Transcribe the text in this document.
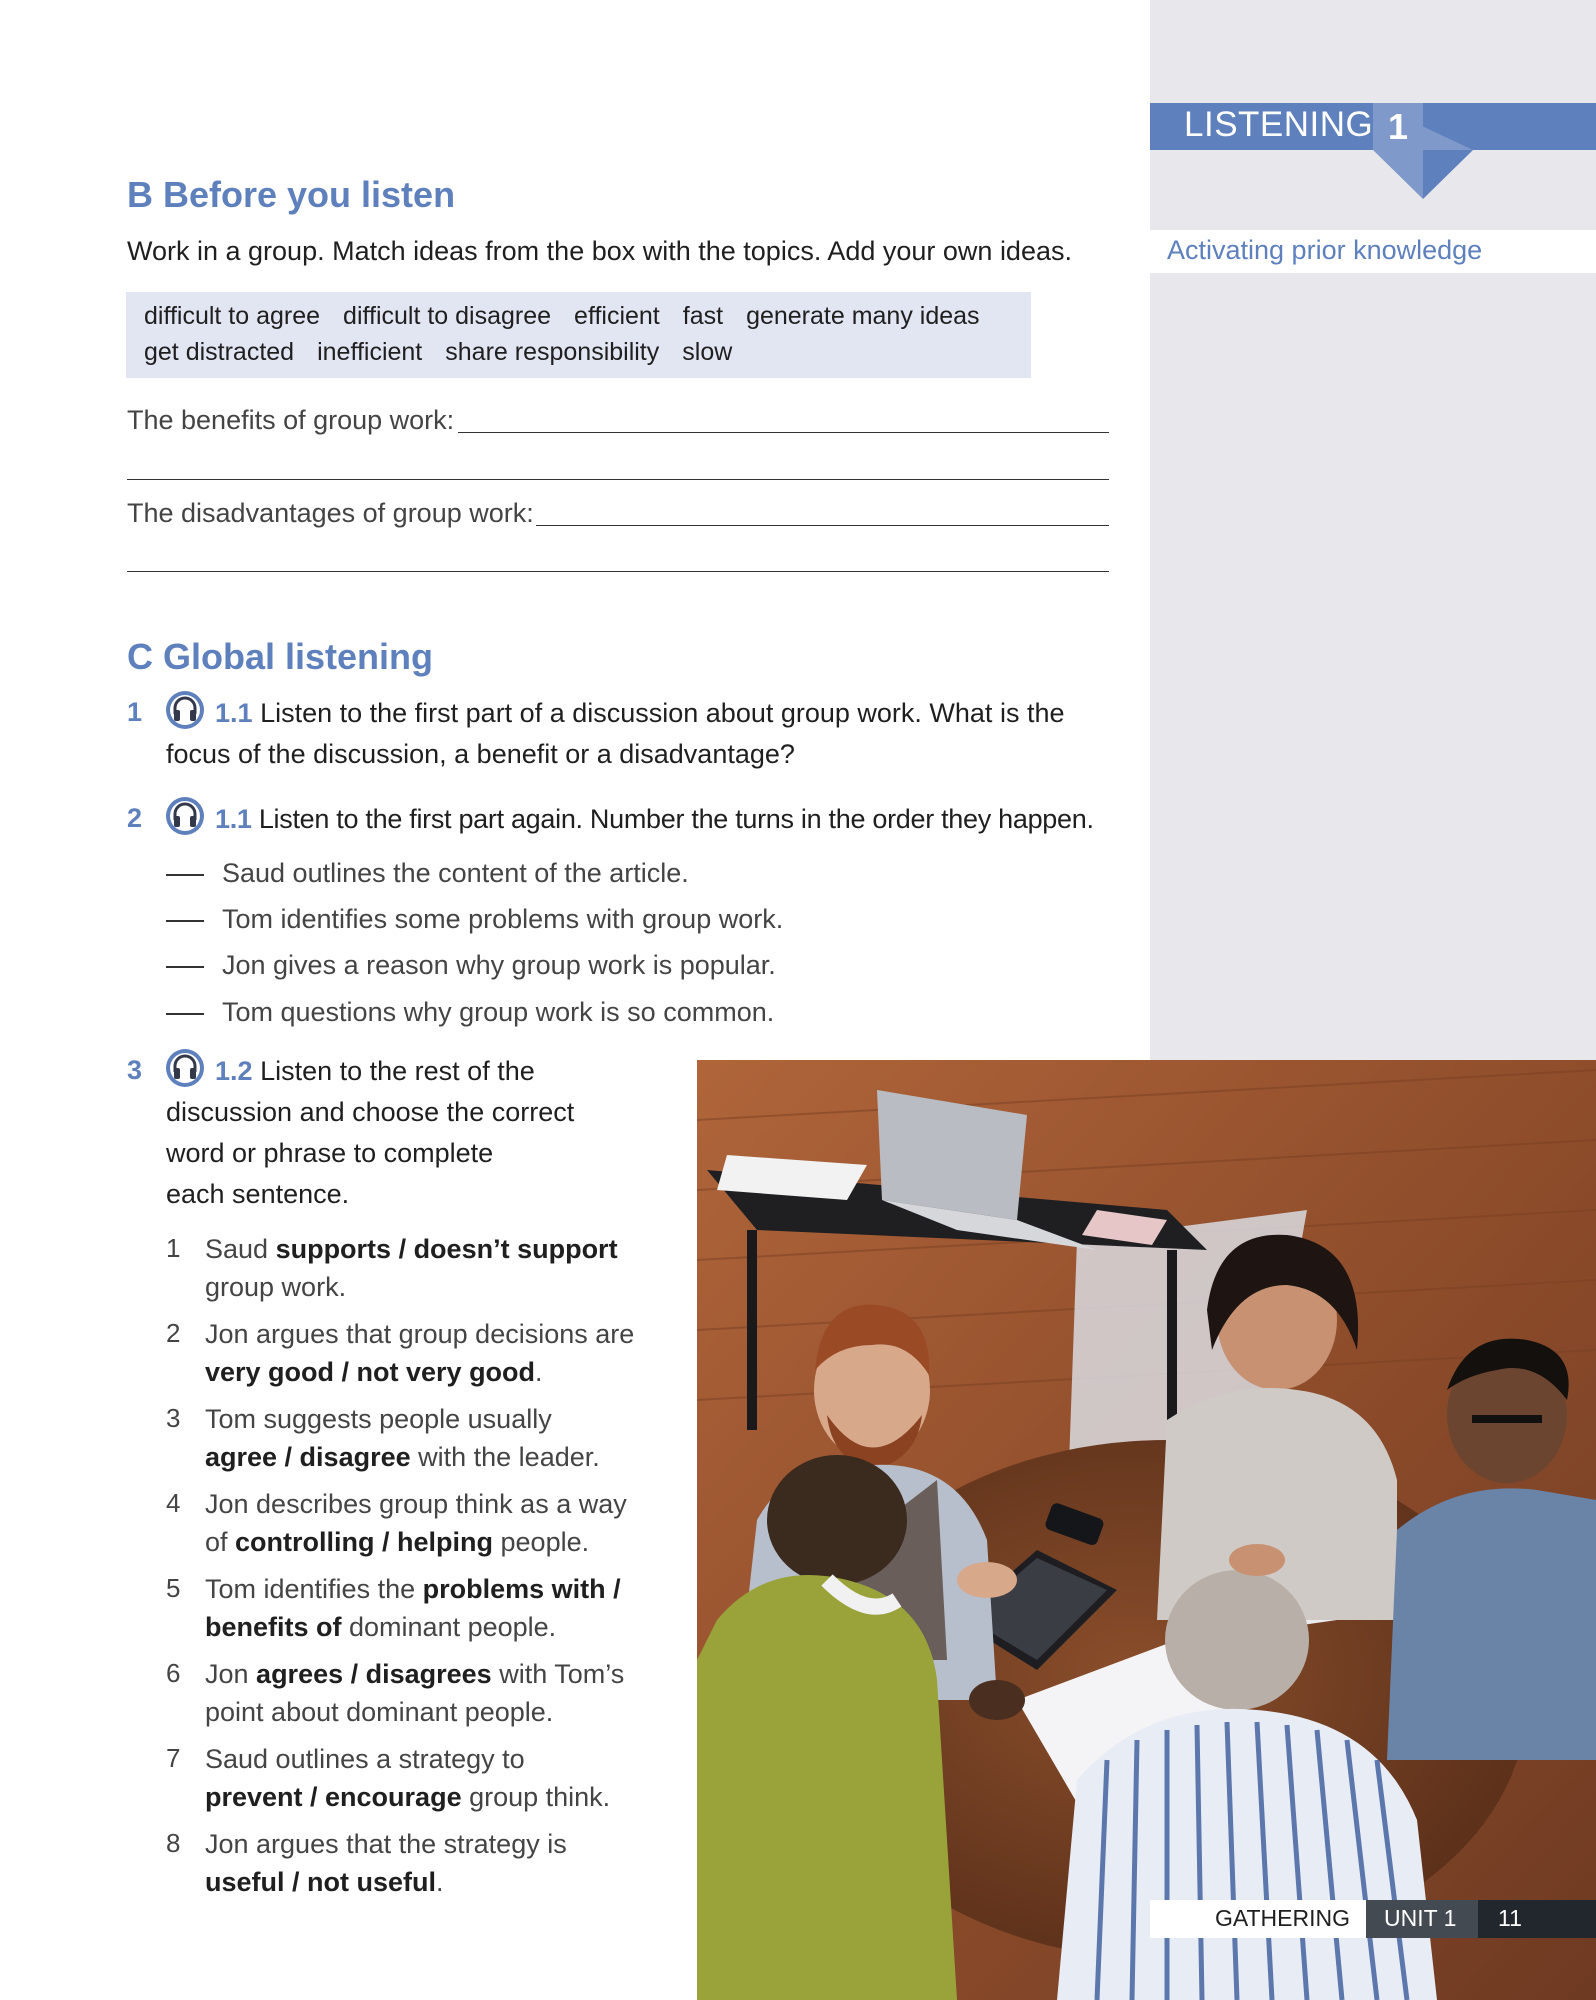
LISTENING 1
Activating prior knowledge
B Before you listen
Work in a group. Match ideas from the box with the topics. Add your own ideas.
difficult to agree difficult to disagree efficient fast generate many ideas
get distracted inefficient share responsibility slow
The benefits of group work:
The disadvantages of group work:
C Global listening
1	1.1 Listen to the first part of a discussion about group work. What is the
focus of the discussion, a benefit or a disadvantage?
2	1.1 Listen to the first part again. Number the turns in the order they happen.
Saud outlines the content of the article.
Tom identifies some problems with group work.
Jon gives a reason why group work is popular.
Tom questions why group work is so common.
3	1.2 Listen to the rest of the
discussion and choose the correct
word or phrase to complete
each sentence.
1 Saud supports / doesn’t support
group work.
2 Jon argues that group decisions are
very good / not very good.
3 Tom suggests people usually
agree / disagree with the leader.
4 Jon describes group think as a way
of controlling / helping people.
5 Tom identifies the problems with /
benefits of dominant people.
6 Jon agrees / disagrees with Tom’s
point about dominant people.
7 Saud outlines a strategy to
prevent / encourage group think.
8 Jon argues that the strategy is
useful / not useful.
GATHERING UNIT 1 11
